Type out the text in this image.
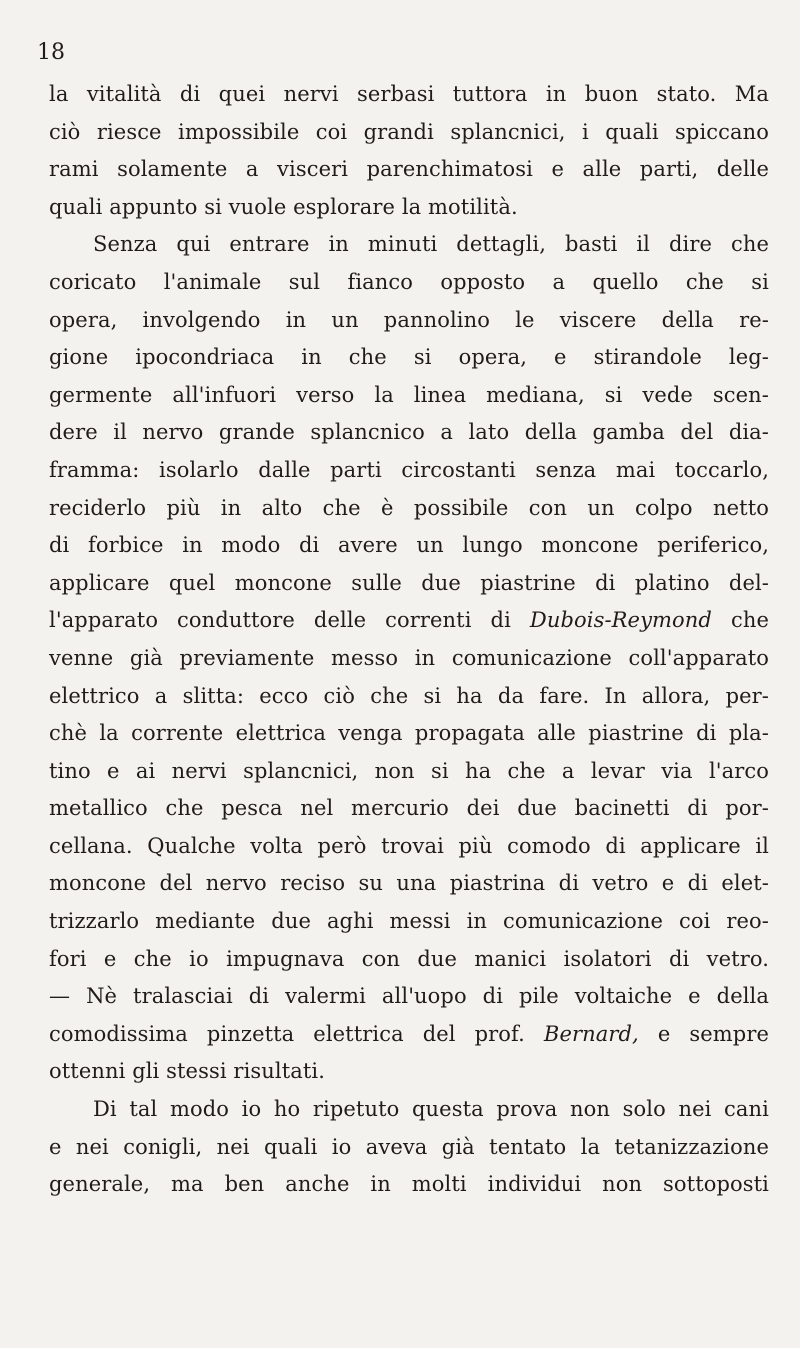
18
la vitalità di quei nervi serbasi tuttora in buon stato. Ma
ciò riesce impossibile coi grandi splancnici, i quali spiccano
rami solamente a visceri parenchimatosi e alle parti, delle
quali appunto si vuole esplorare la motilità.
Senza qui entrare in minuti dettagli, basti il dire che
coricato l'animale sul fianco opposto a quello che si
opera, involgendo in un pannolino le viscere della re-
gione ipocondriaca in che si opera, e stirandole leg-
germente all'infuori verso la linea mediana, si vede scen-
dere il nervo grande splancnico a lato della gamba del dia-
framma: isolarlo dalle parti circostanti senza mai toccarlo,
reciderlo più in alto che è possibile con un colpo netto
di forbice in modo di avere un lungo moncone periferico,
applicare quel moncone sulle due piastrine di platino del-
l'apparato conduttore delle correnti di Dubois-Reymond che
venne già previamente messo in comunicazione coll'apparato
elettrico a slitta: ecco ciò che si ha da fare. In allora, per-
chè la corrente elettrica venga propagata alle piastrine di pla-
tino e ai nervi splancnici, non si ha che a levar via l'arco
metallico che pesca nel mercurio dei due bacinetti di por-
cellana. Qualche volta però trovai più comodo di applicare il
moncone del nervo reciso su una piastrina di vetro e di elet-
trizzarlo mediante due aghi messi in comunicazione coi reo-
fori e che io impugnava con due manici isolatori di vetro.
— Nè tralasciai di valermi all'uopo di pile voltaiche e della
comodissima pinzetta elettrica del prof. Bernard, e sempre
ottenni gli stessi risultati.
Di tal modo io ho ripetuto questa prova non solo nei cani
e nei conigli, nei quali io aveva già tentato la tetanizzazione
generale, ma ben anche in molti individui non sottoposti
